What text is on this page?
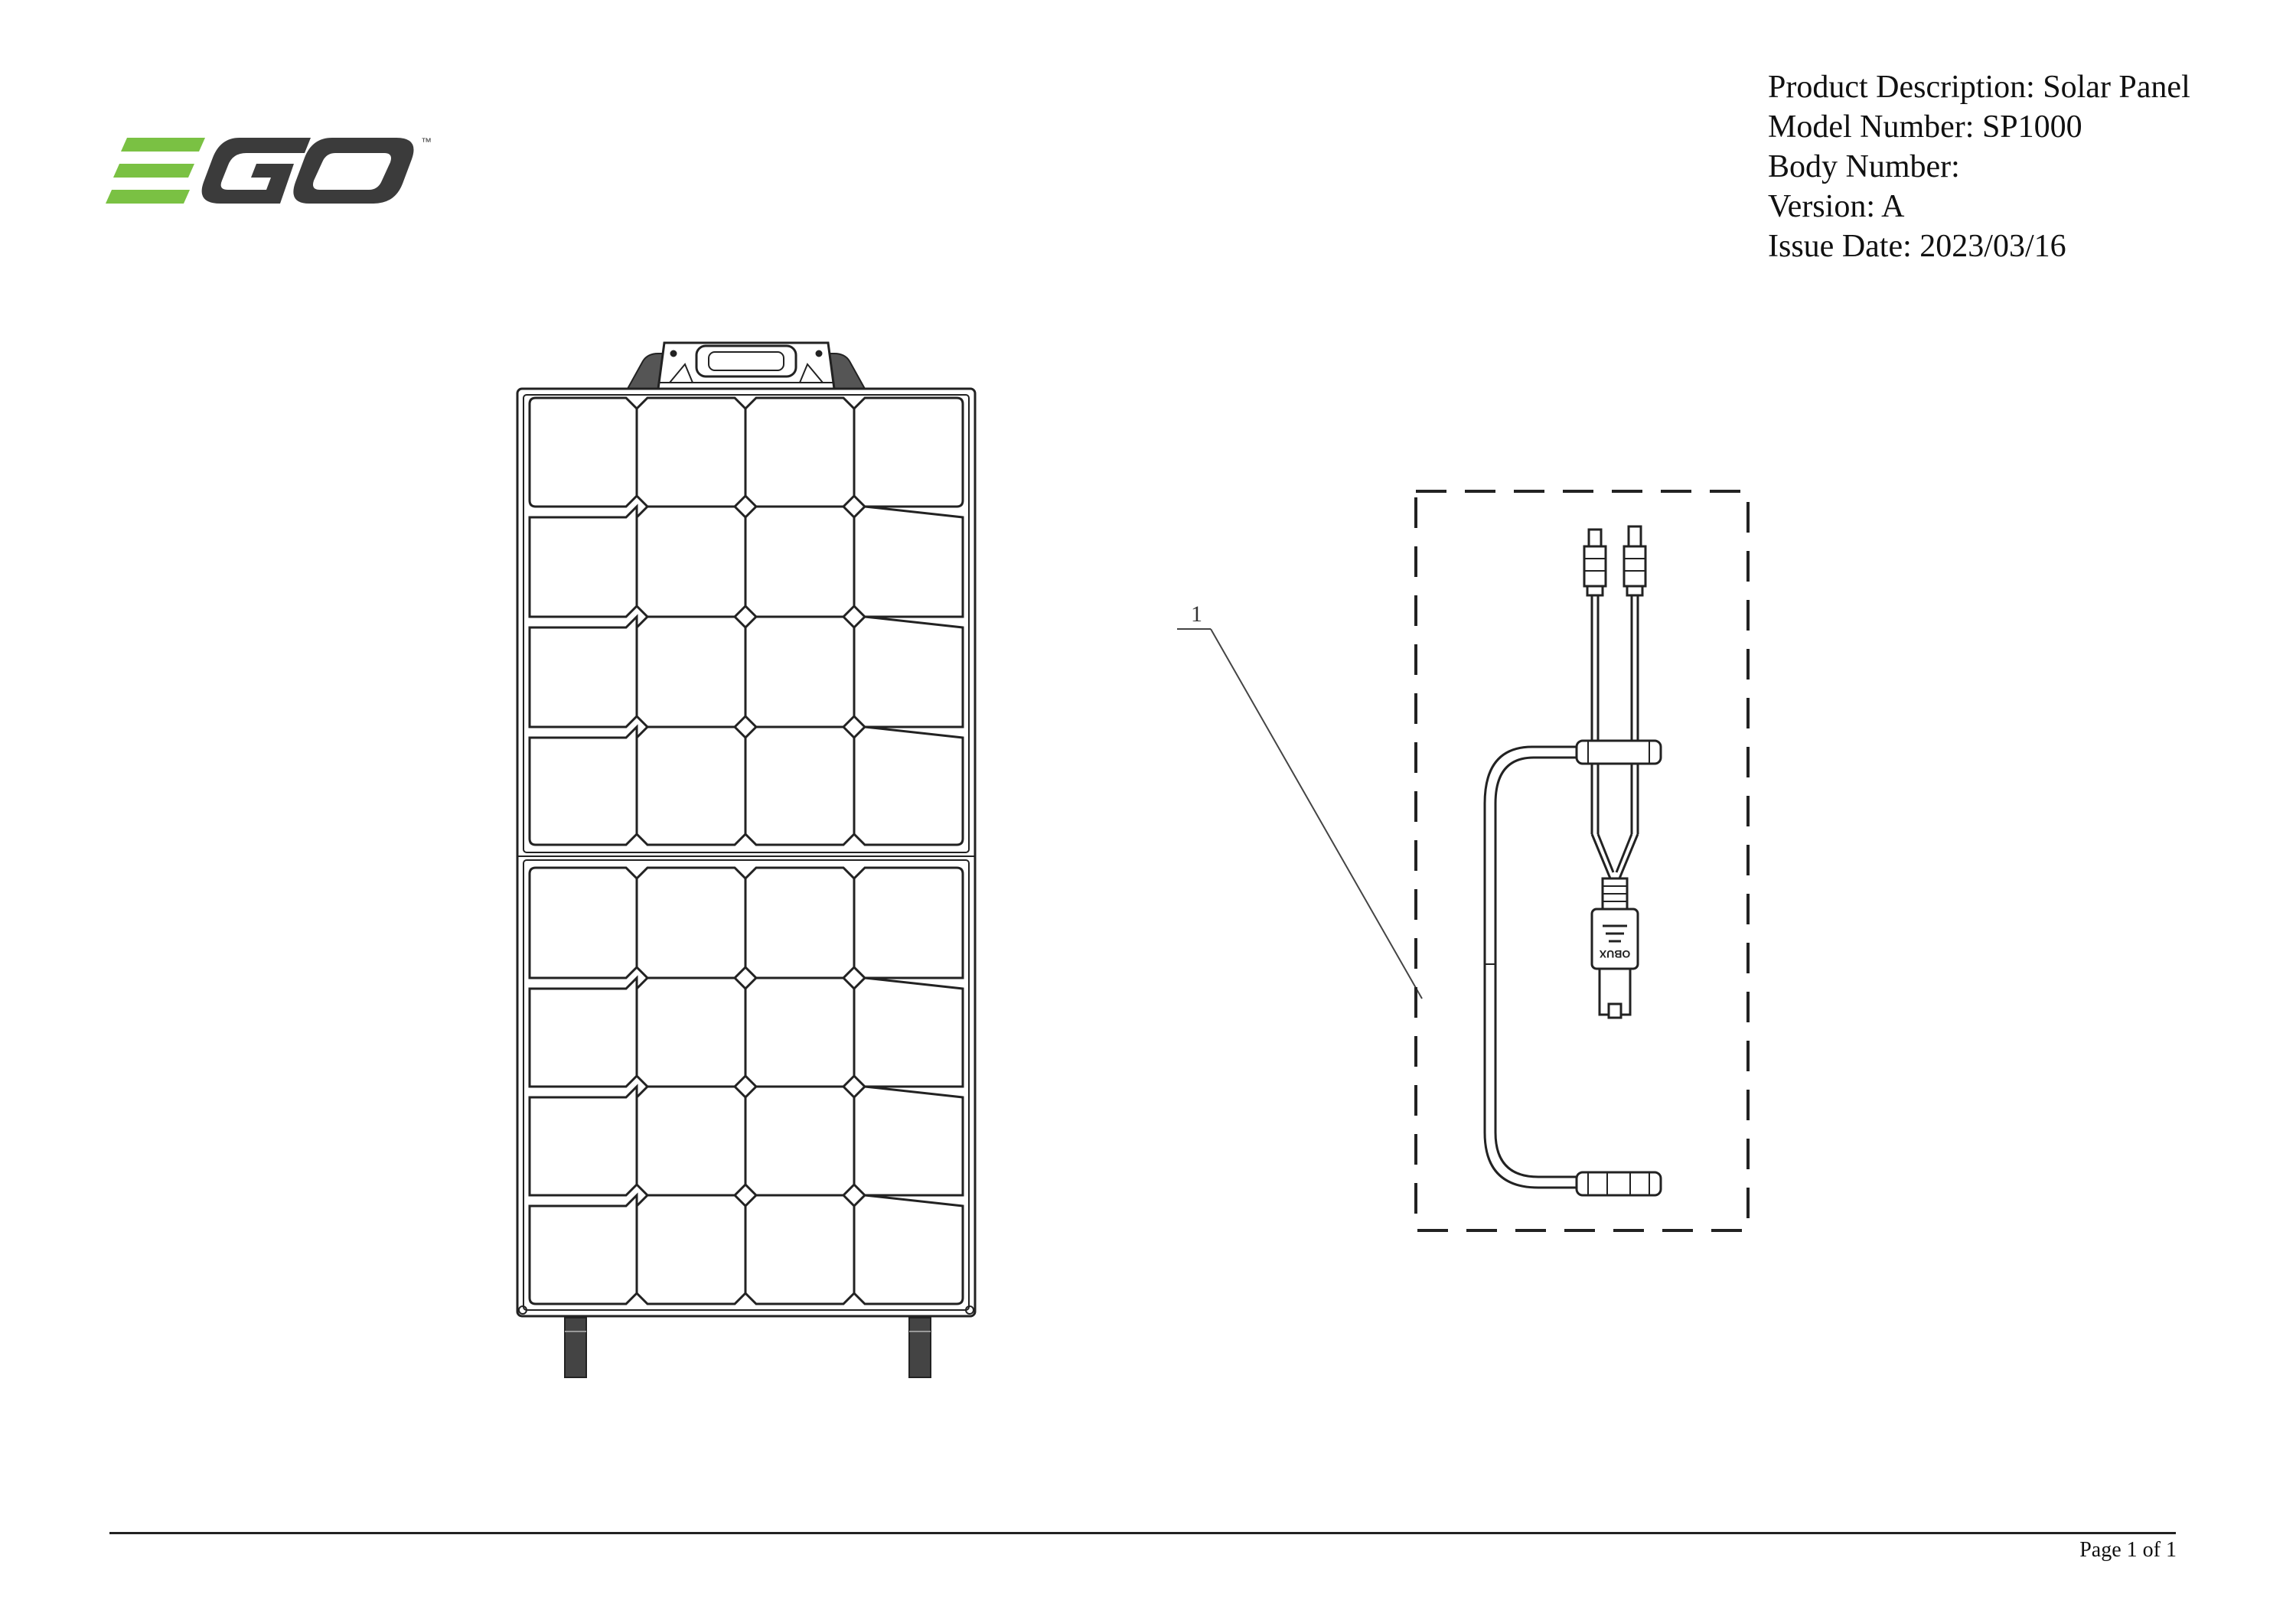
™
Product Description: Solar Panel
Model Number: SP1000
Body Number:
Version: A
Issue Date: 2023/03/16
1
OBUX
Page 1 of 1
